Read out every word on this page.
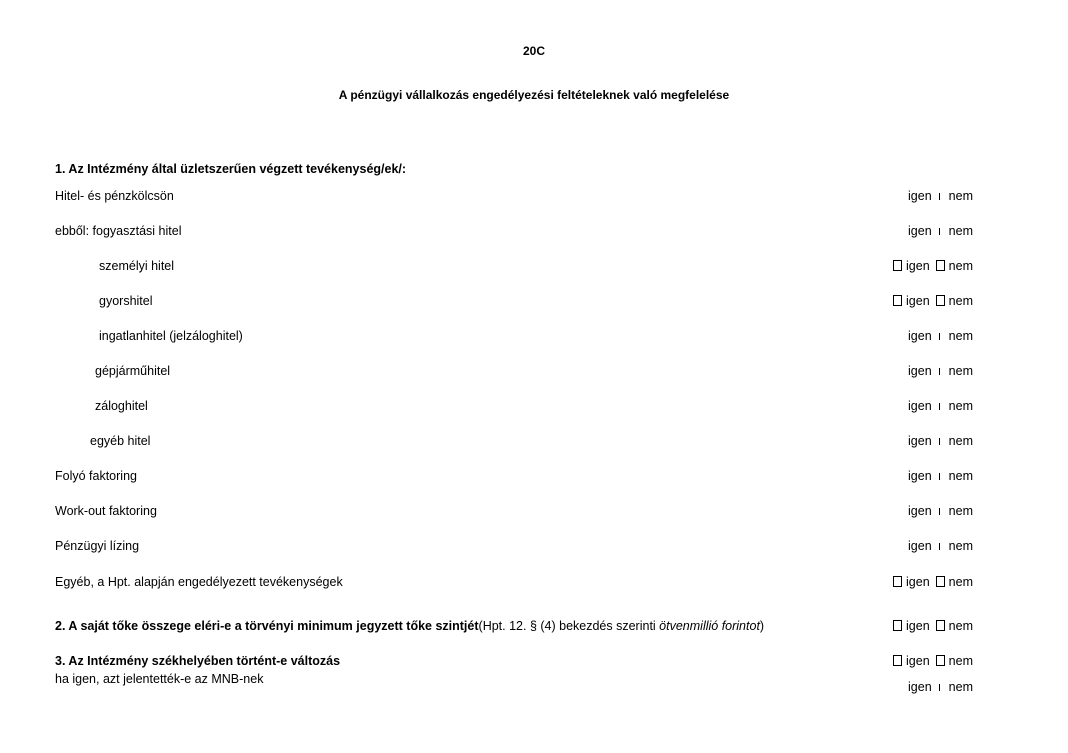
20C
A pénzügyi vállalkozás engedélyezési feltételeknek való megfelelése
1. Az Intézmény által üzletszerűen végzett tevékenység/ek/:
Hitel- és pénzkölcsön	igen nem
ebből: fogyasztási hitel	igen nem
személyi hitel	igen nem
gyorshitel	igen nem
ingatlanhitel (jelzáloghitel)	igen nem
gépjárműhitel	igen nem
záloghitel	igen nem
egyéb hitel	igen nem
Folyó faktoring	igen nem
Work-out faktoring	igen nem
Pénzügyi lízing	igen nem
Egyéb, a Hpt. alapján engedélyezett tevékenységek	igen nem
2. A saját tőke összege eléri-e a törvényi minimum jegyzett tőke szintjét(Hpt. 12. § (4) bekezdés szerinti ötvenmillió forintot)	igen nem
3. Az Intézmény székhelyében történt-e változás	igen nem
ha igen, azt jelentették-e az MNB-nek
igen nem
